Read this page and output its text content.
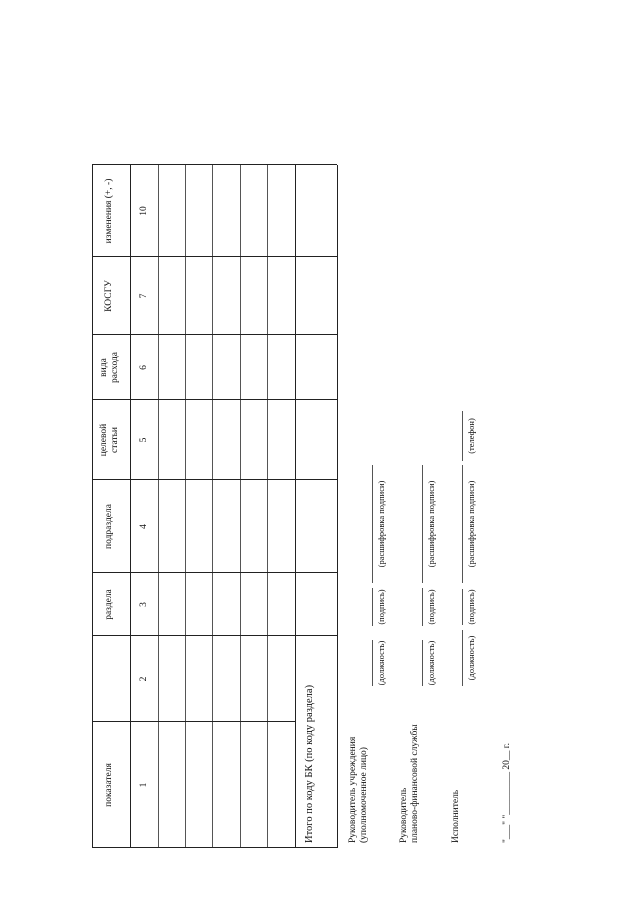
показателя
раздела
подраздела
целевой статьи
вида расхода
КОСГУ
изменения (+, -)
1
2
3
4
5
6
7
10
Итого по коду БК (по коду раздела)	Руководитель учреждения (уполномоченное лицо)
(должность)
(подпись)
(расшифровка подписи)
Руководитель планово-финансовой службы
(должность)
(подпись)
(расшифровка подписи)
Исполнитель
(должность)
(подпись)
(расшифровка подписи)
(телефон)
"___" "_________ 20__ г.
